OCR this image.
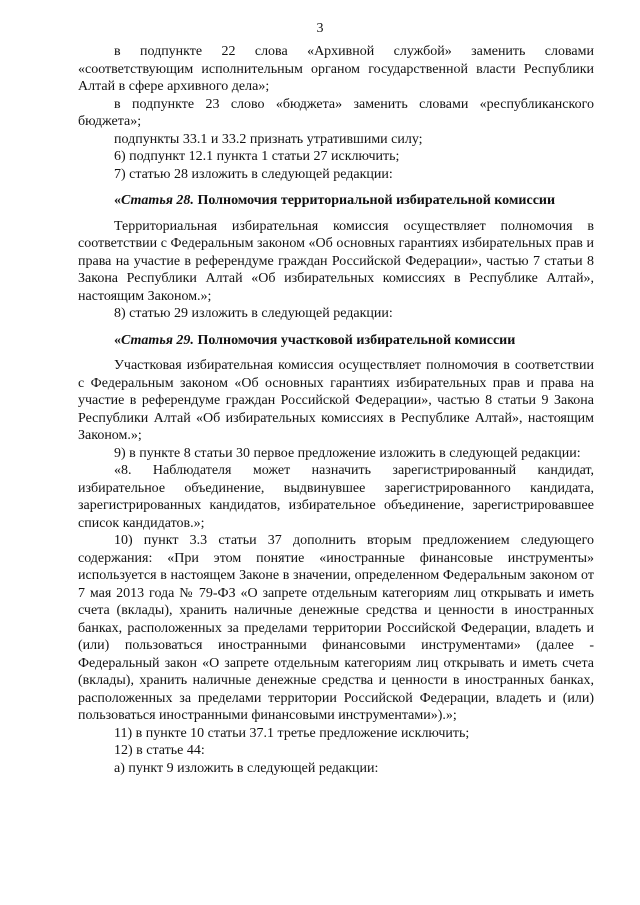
3

в подпункте 22 слова «Архивной службой» заменить словами «соответствующим исполнительным органом государственной власти Республики Алтай в сфере архивного дела»;

в подпункте 23 слово «бюджета» заменить словами «республиканского бюджета»;

подпункты 33.1 и 33.2 признать утратившими силу;

6) подпункт 12.1 пункта 1 статьи 27 исключить;

7) статью 28 изложить в следующей редакции:

«Статья 28. Полномочия территориальной избирательной комиссии

Территориальная избирательная комиссия осуществляет полномочия в соответствии с Федеральным законом «Об основных гарантиях избирательных прав и права на участие в референдуме граждан Российской Федерации», частью 7 статьи 8 Закона Республики Алтай «Об избирательных комиссиях в Республике Алтай», настоящим Законом.»;

8) статью 29 изложить в следующей редакции:

«Статья 29. Полномочия участковой избирательной комиссии

Участковая избирательная комиссия осуществляет полномочия в соответствии с Федеральным законом «Об основных гарантиях избирательных прав и права на участие в референдуме граждан Российской Федерации», частью 8 статьи 9 Закона Республики Алтай «Об избирательных комиссиях в Республике Алтай», настоящим Законом.»;

9) в пункте 8 статьи 30 первое предложение изложить в следующей редакции:

«8. Наблюдателя может назначить зарегистрированный кандидат, избирательное объединение, выдвинувшее зарегистрированного кандидата, зарегистрированных кандидатов, избирательное объединение, зарегистрировавшее список кандидатов.»;

10) пункт 3.3 статьи 37 дополнить вторым предложением следующего содержания: «При этом понятие «иностранные финансовые инструменты» используется в настоящем Законе в значении, определенном Федеральным законом от 7 мая 2013 года № 79-ФЗ «О запрете отдельным категориям лиц открывать и иметь счета (вклады), хранить наличные денежные средства и ценности в иностранных банках, расположенных за пределами территории Российской Федерации, владеть и (или) пользоваться иностранными финансовыми инструментами» (далее - Федеральный закон «О запрете отдельным категориям лиц открывать и иметь счета (вклады), хранить наличные денежные средства и ценности в иностранных банках, расположенных за пределами территории Российской Федерации, владеть и (или) пользоваться иностранными финансовыми инструментами»).»;

11) в пункте 10 статьи 37.1 третье предложение исключить;

12) в статье 44:

а) пункт 9 изложить в следующей редакции:
